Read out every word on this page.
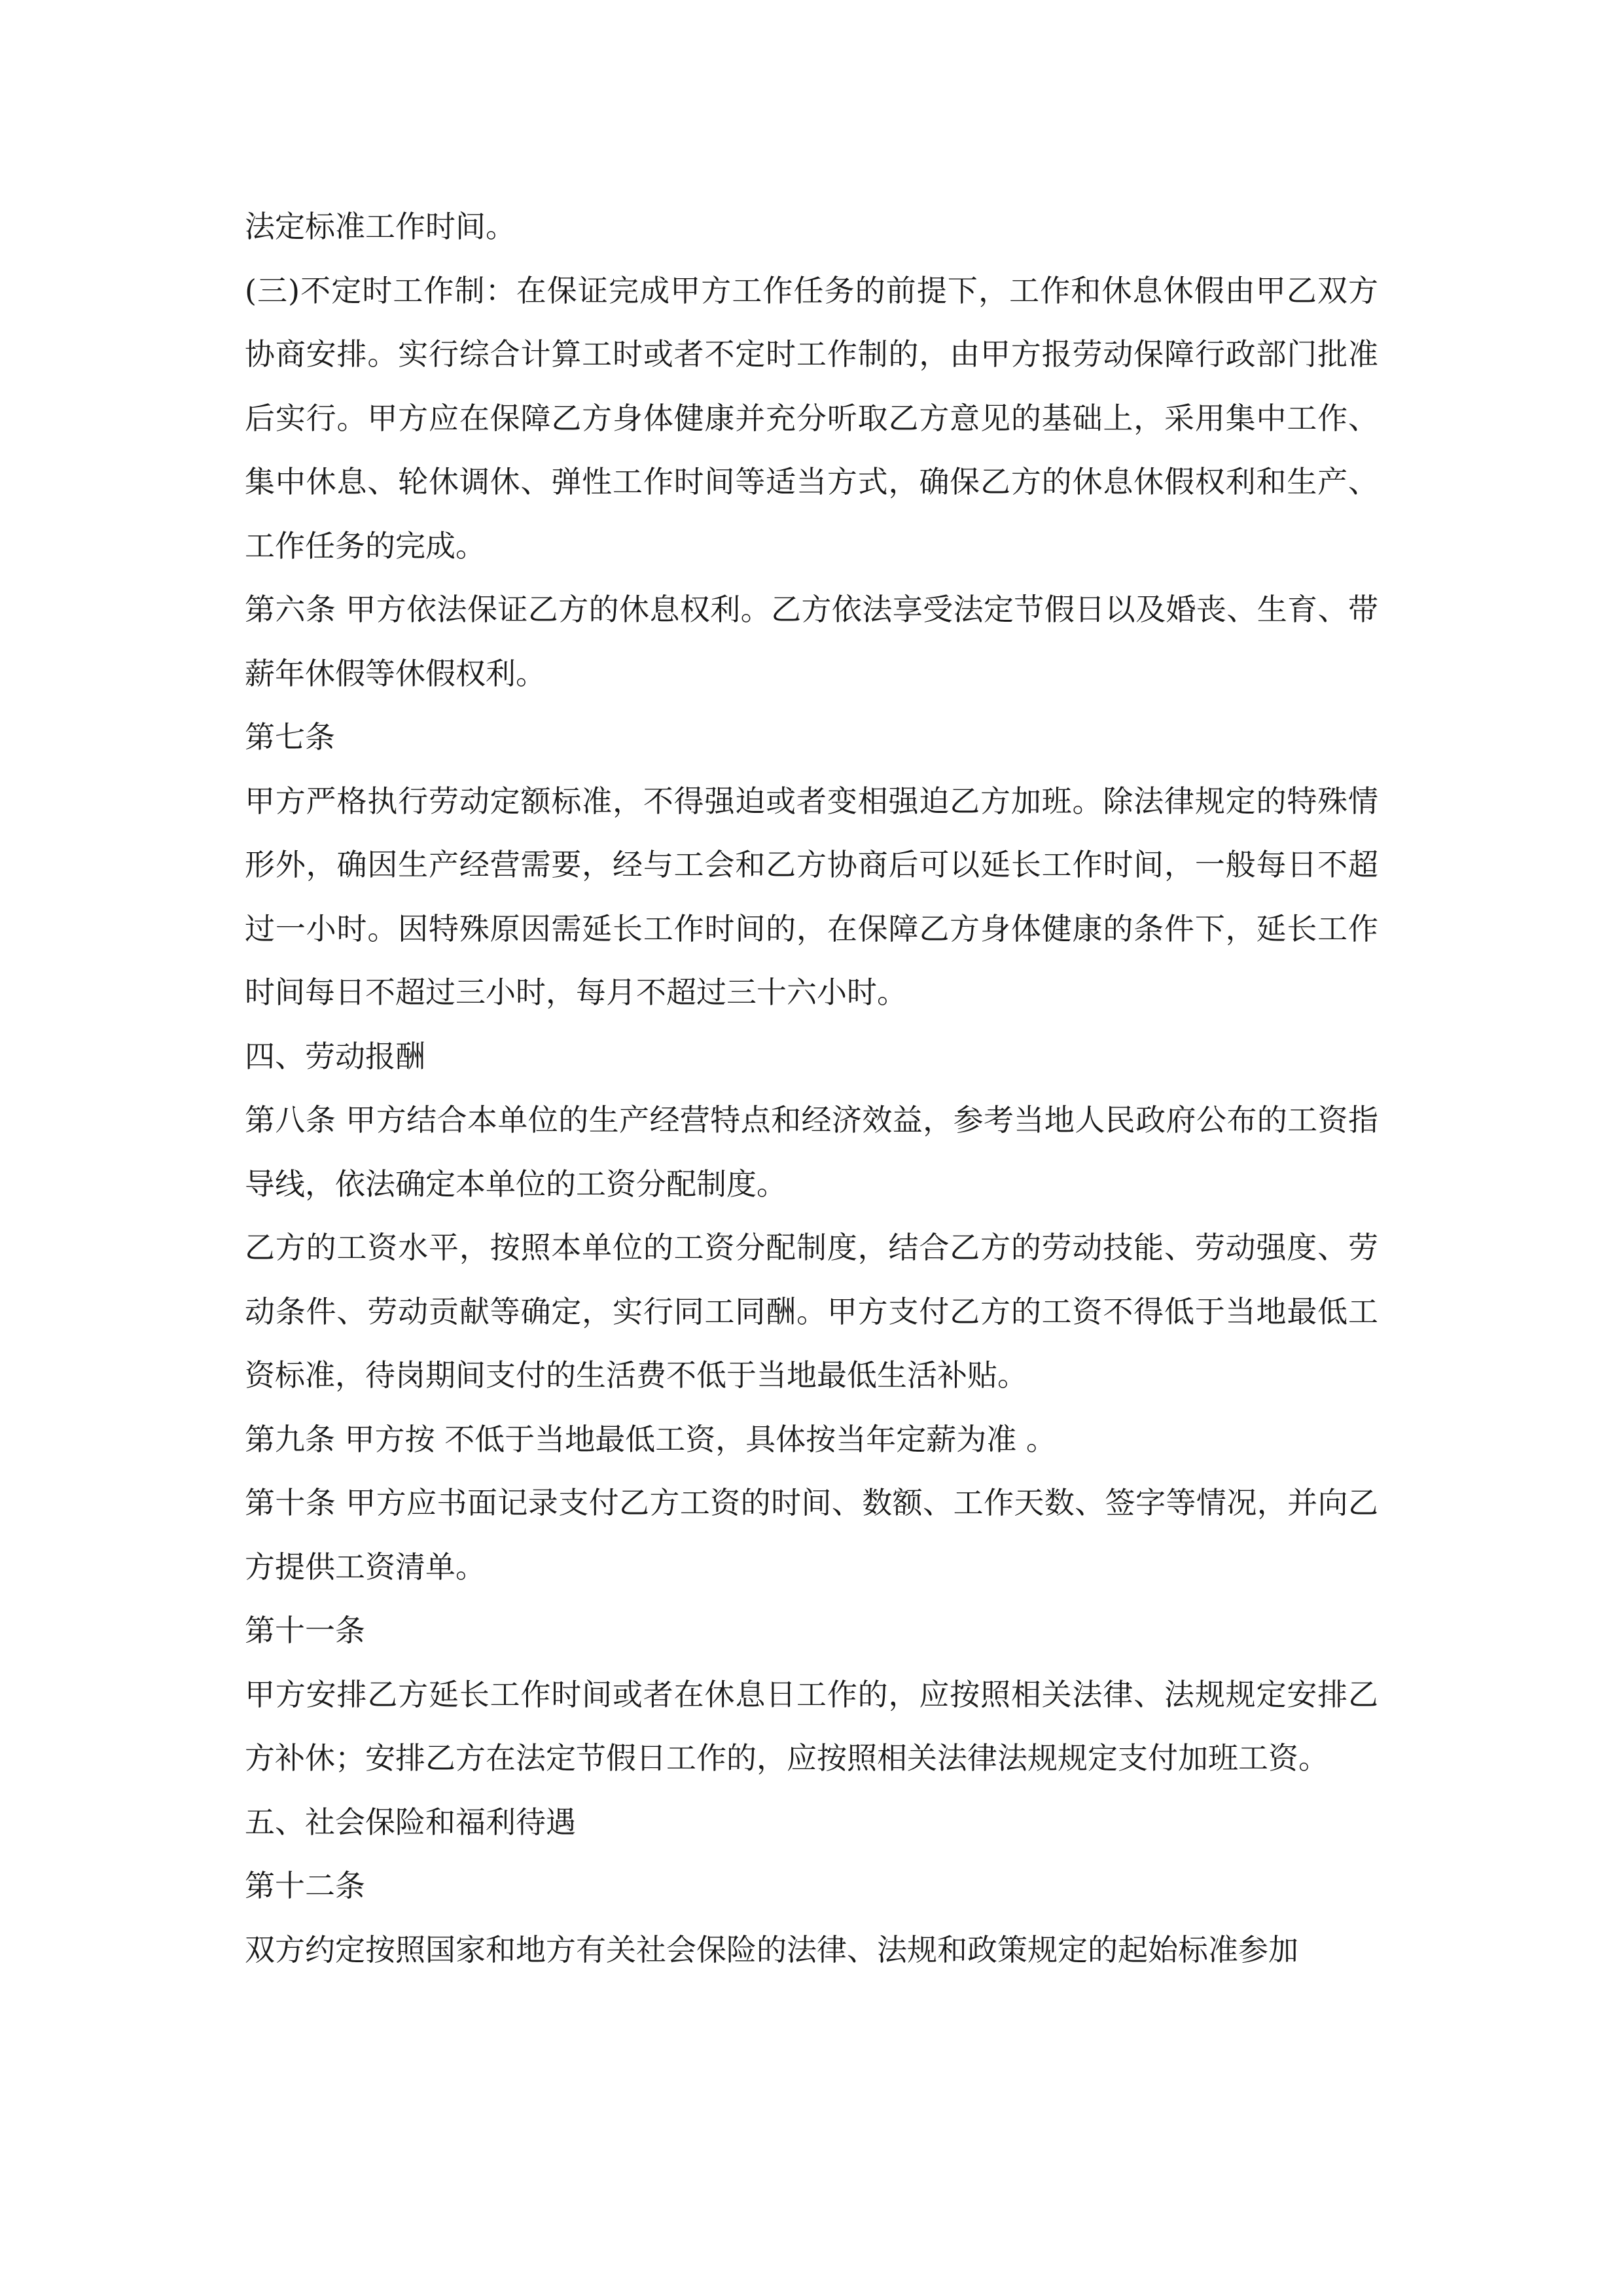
法定标准工作时间。

(三)不定时工作制：在保证完成甲方工作任务的前提下，工作和休息休假由甲乙双方协商安排。实行综合计算工时或者不定时工作制的，由甲方报劳动保障行政部门批准后实行。甲方应在保障乙方身体健康并充分听取乙方意见的基础上，采用集中工作、集中休息、轮休调休、弹性工作时间等适当方式，确保乙方的休息休假权利和生产、工作任务的完成。

第六条 甲方依法保证乙方的休息权利。乙方依法享受法定节假日以及婚丧、生育、带薪年休假等休假权利。

第七条

甲方严格执行劳动定额标准，不得强迫或者变相强迫乙方加班。除法律规定的特殊情形外，确因生产经营需要，经与工会和乙方协商后可以延长工作时间，一般每日不超过一小时。因特殊原因需延长工作时间的，在保障乙方身体健康的条件下，延长工作时间每日不超过三小时，每月不超过三十六小时。

四、劳动报酬

第八条 甲方结合本单位的生产经营特点和经济效益，参考当地人民政府公布的工资指导线，依法确定本单位的工资分配制度。

乙方的工资水平，按照本单位的工资分配制度，结合乙方的劳动技能、劳动强度、劳动条件、劳动贡献等确定，实行同工同酬。甲方支付乙方的工资不得低于当地最低工资标准，待岗期间支付的生活费不低于当地最低生活补贴。

第九条 甲方按 不低于当地最低工资，具体按当年定薪为准 。

第十条 甲方应书面记录支付乙方工资的时间、数额、工作天数、签字等情况，并向乙方提供工资清单。

第十一条

甲方安排乙方延长工作时间或者在休息日工作的，应按照相关法律、法规规定安排乙方补休；安排乙方在法定节假日工作的，应按照相关法律法规规定支付加班工资。

五、社会保险和福利待遇

第十二条

双方约定按照国家和地方有关社会保险的法律、法规和政策规定的起始标准参加
